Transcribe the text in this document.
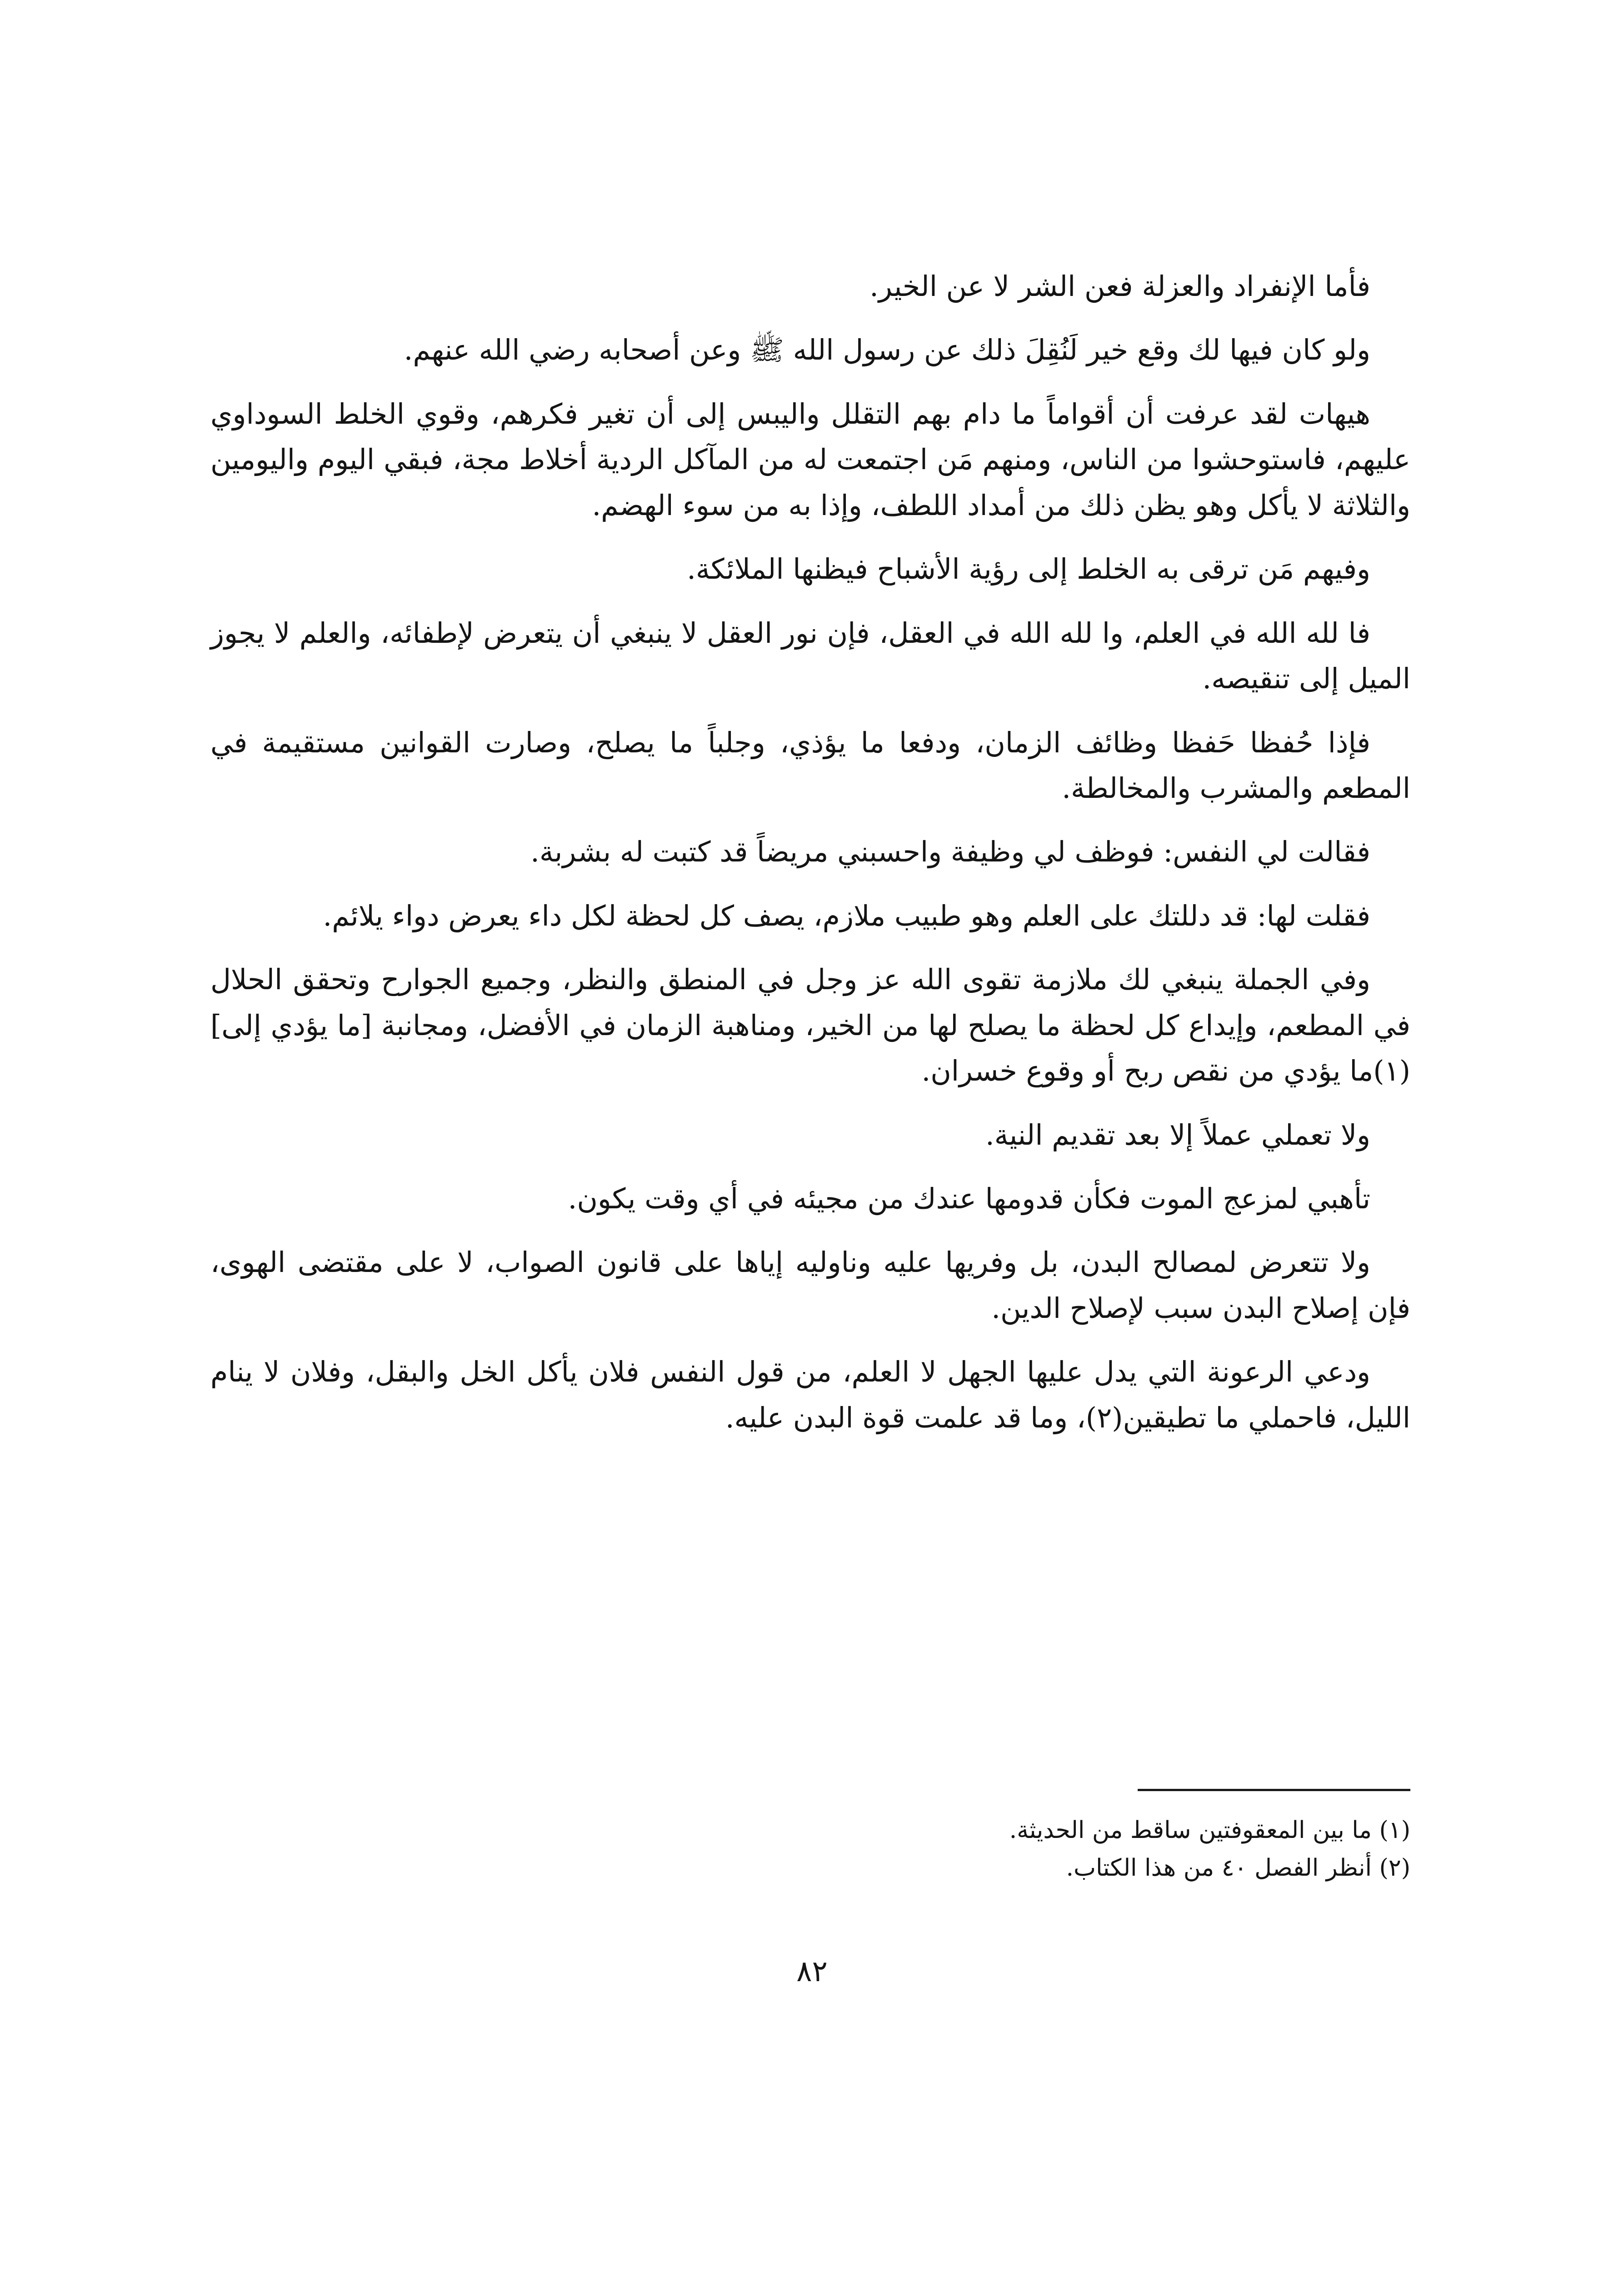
فأما الإنفراد والعزلة فعن الشر لا عن الخير.

ولو كان فيها لك وقع خير لَنُقِلَ ذلك عن رسول الله ﷺ وعن أصحابه رضي الله عنهم.

هيهات لقد عرفت أن أقواماً ما دام بهم التقلل واليبس إلى أن تغير فكرهم، وقوي الخلط السوداوي عليهم، فاستوحشوا من الناس، ومنهم مَن اجتمعت له من المآكل الردية أخلاط مجة، فبقي اليوم واليومين والثلاثة لا يأكل وهو يظن ذلك من أمداد اللطف، وإذا به من سوء الهضم.

وفيهم مَن ترقى به الخلط إلى رؤية الأشباح فيظنها الملائكة.

فا لله الله في العلم، وا لله الله في العقل، فإن نور العقل لا ينبغي أن يتعرض لإطفائه، والعلم لا يجوز الميل إلى تنقيصه.

فإذا حُفظا حَفظا وظائف الزمان، ودفعا ما يؤذي، وجلباً ما يصلح، وصارت القوانين مستقيمة في المطعم والمشرب والمخالطة.

فقالت لي النفس: فوظف لي وظيفة واحسبني مريضاً قد كتبت له بشربة.

فقلت لها: قد دللتك على العلم وهو طبيب ملازم، يصف كل لحظة لكل داء يعرض دواء يلائم.

وفي الجملة ينبغي لك ملازمة تقوى الله عز وجل في المنطق والنظر، وجميع الجوارح وتحقق الحلال في المطعم، وإيداع كل لحظة ما يصلح لها من الخير، ومناهبة الزمان في الأفضل، ومجانبة [ما يؤدي إلى](١)ما يؤدي من نقص ربح أو وقوع خسران.

ولا تعملي عملاً إلا بعد تقديم النية.

تأهبي لمزعج الموت فكأن قدومها عندك من مجيئه في أي وقت يكون.

ولا تتعرض لمصالح البدن، بل وفريها عليه وناوليه إياها على قانون الصواب، لا على مقتضى الهوى، فإن إصلاح البدن سبب لإصلاح الدين.

ودعي الرعونة التي يدل عليها الجهل لا العلم، من قول النفس فلان يأكل الخل والبقل، وفلان لا ينام الليل، فاحملي ما تطيقين(٢)، وما قد علمت قوة البدن عليه.

(١) ما بين المعقوفتين ساقط من الحديثة.

(٢) أنظر الفصل ٤٠ من هذا الكتاب.

٨٢
